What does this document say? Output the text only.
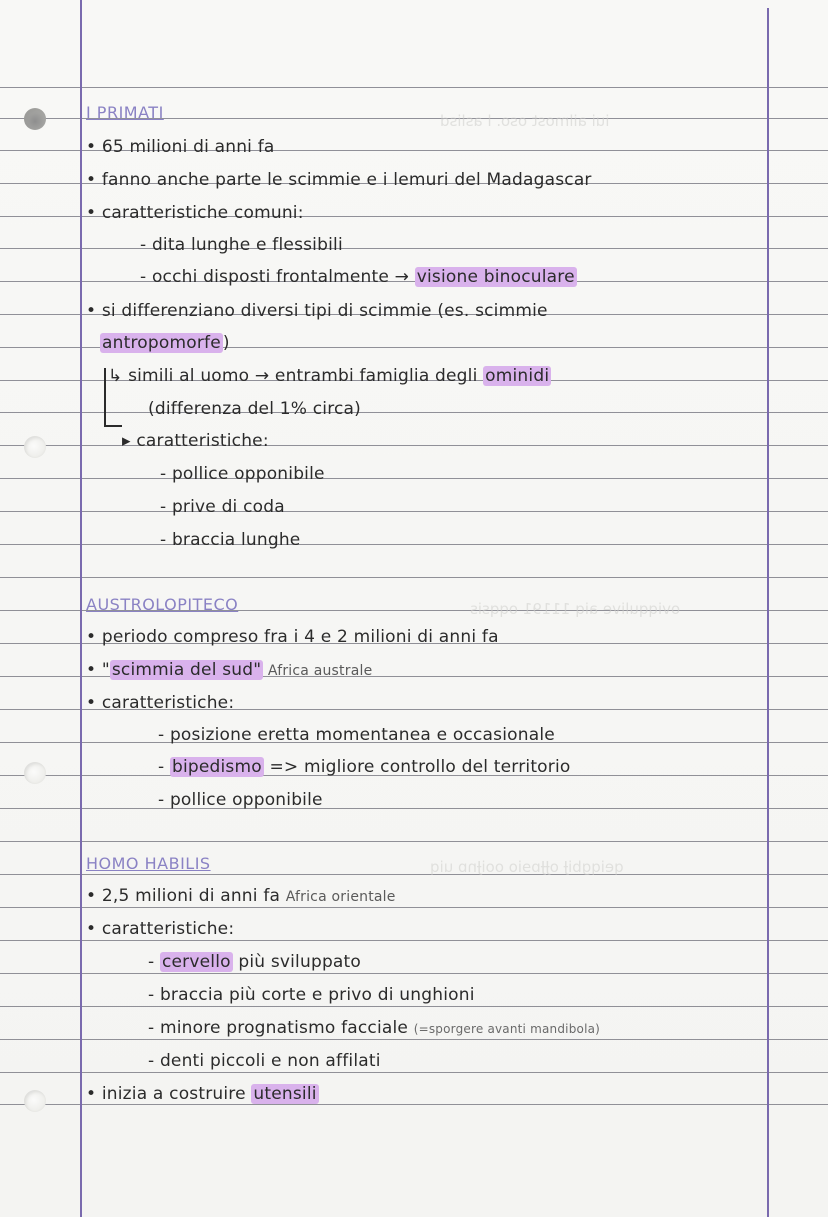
iui ailmost oso. l aslisd
oviqqulive aiq 11191 oqqsis
qeiqgbiɈ oɈɈɒɘio ooiɈnɒ uiq
I PRIMATI
• 65 milioni di anni fa
• fanno anche parte le scimmie e i lemuri del Madagascar
• caratteristiche comuni:
- dita lunghe e flessibili
- occhi disposti frontalmente → visione binoculare
• si differenziano diversi tipi di scimmie (es. scimmie
antropomorfe )
↳ simili al uomo → entrambi famiglia degli ominidi
(differenza del 1% circa)
▸ caratteristiche:
- pollice opponibile
- prive di coda
- braccia lunghe
AUSTROLOPITECO
• periodo compreso fra i 4 e 2 milioni di anni fa
• " scimmia del sud" Africa australe
• caratteristiche:
- posizione eretta momentanea e occasionale
- bipedismo => migliore controllo del territorio
- pollice opponibile
HOMO HABILIS
• 2,5 milioni di anni fa Africa orientale
• caratteristiche:
- cervello più sviluppato
- braccia più corte e privo di unghioni
- minore prognatismo facciale (=sporgere avanti mandibola)
- denti piccoli e non affilati
• inizia a costruire utensili
